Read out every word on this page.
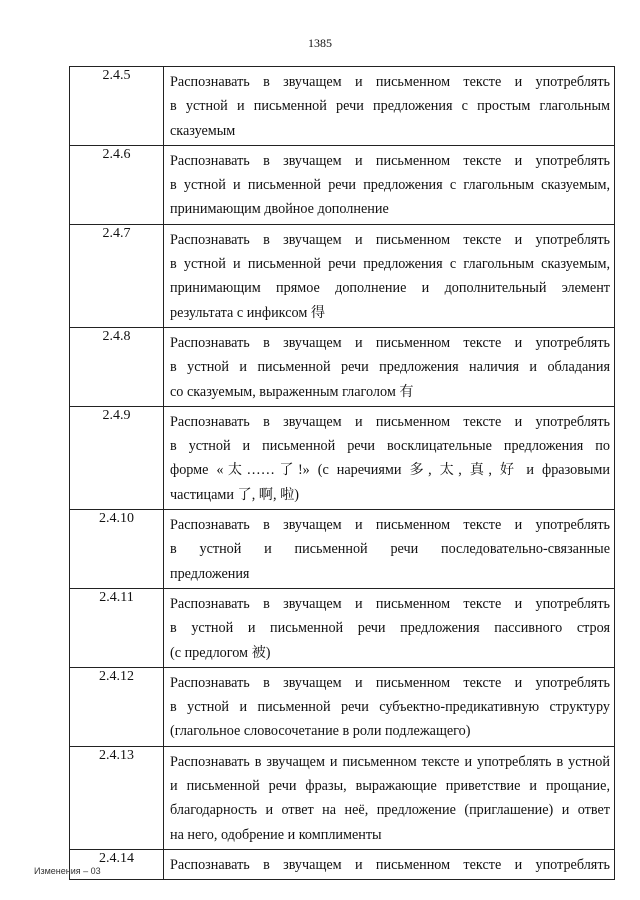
1385
2.4.5	Распознавать в звучащем и письменном тексте и употреблять
в устной и письменной речи предложения с простым глагольным
сказуемым

2.4.6	Распознавать в звучащем и письменном тексте и употреблять
в устной и письменной речи предложения с глагольным сказуемым,
принимающим двойное дополнение

2.4.7	Распознавать в звучащем и письменном тексте и употреблять
в устной и письменной речи предложения с глагольным сказуемым,
принимающим прямое дополнение и дополнительный элемент
результата с инфиксом 得

2.4.8	Распознавать в звучащем и письменном тексте и употреблять
в устной и письменной речи предложения наличия и обладания
со сказуемым, выраженным глаголом 有

2.4.9	Распознавать в звучащем и письменном тексте и употреблять
в устной и письменной речи восклицательные предложения по
форме «太……了!» (с наречиями 多, 太, 真, 好 и фразовыми
частицами 了, 啊, 啦)

2.4.10	Распознавать в звучащем и письменном тексте и употреблять
в устной и письменной речи последовательно-связанные
предложения

2.4.11	Распознавать в звучащем и письменном тексте и употреблять
в устной и письменной речи предложения пассивного строя
(с предлогом 被)

2.4.12	Распознавать в звучащем и письменном тексте и употреблять
в устной и письменной речи субъектно-предикативную структуру
(глагольное словосочетание в роли подлежащего)

2.4.13	Распознавать в звучащем и письменном тексте и употреблять в устной
и письменной речи фразы, выражающие приветствие и прощание,
благодарность и ответ на неё, предложение (приглашение) и ответ
на него, одобрение и комплименты

2.4.14	Распознавать в звучащем и письменном тексте и употреблять
Изменения – 03
